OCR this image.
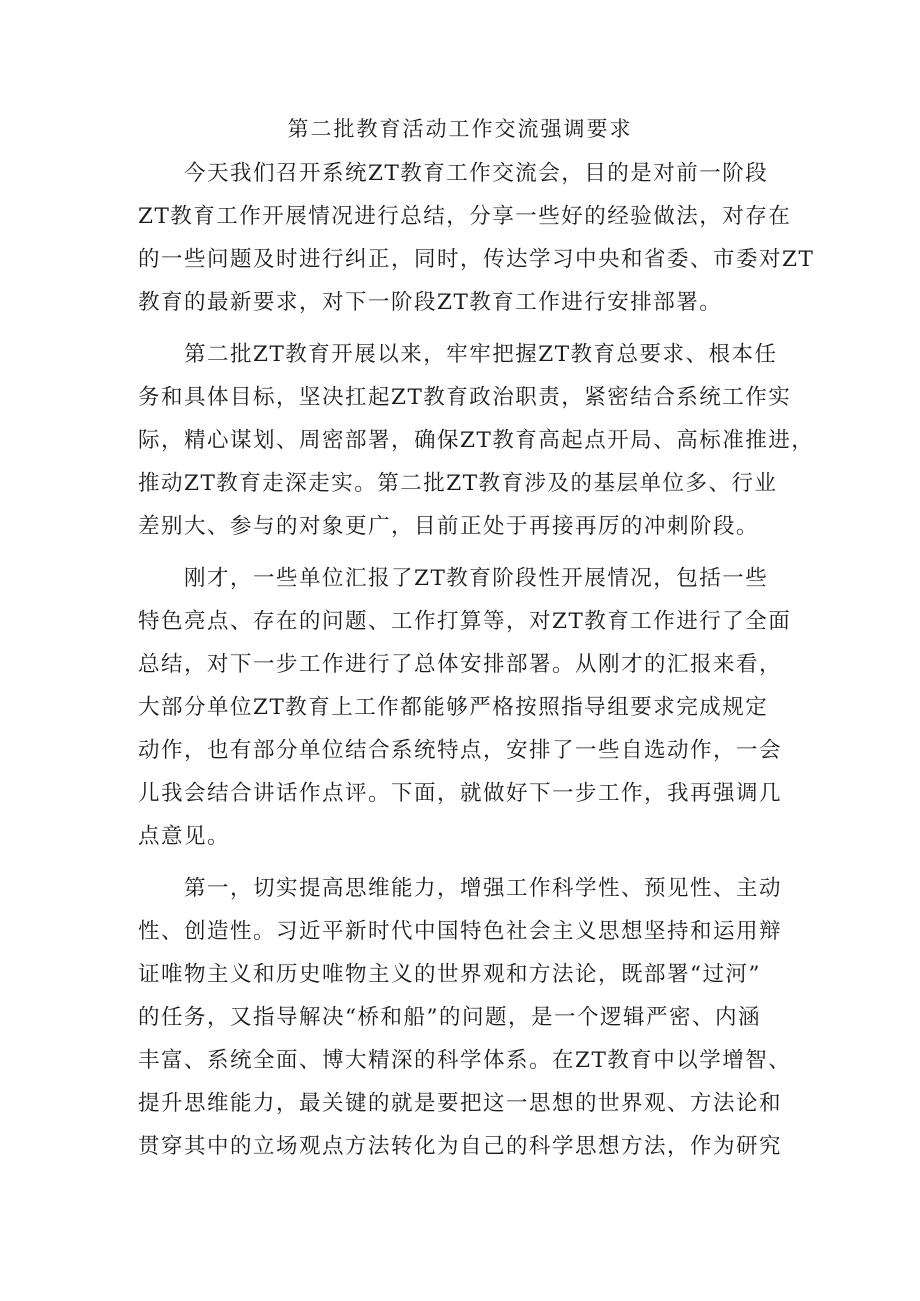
第二批教育活动工作交流强调要求
今天我们召开系统ZT教育工作交流会，目的是对前一阶段
ZT教育工作开展情况进行总结，分享一些好的经验做法，对存在
的一些问题及时进行纠正，同时，传达学习中央和省委、市委对ZT
教育的最新要求，对下一阶段ZT教育工作进行安排部署。
第二批ZT教育开展以来，牢牢把握ZT教育总要求、根本任
务和具体目标，坚决扛起ZT教育政治职责，紧密结合系统工作实
际，精心谋划、周密部署，确保ZT教育高起点开局、高标准推进，
推动ZT教育走深走实。第二批ZT教育涉及的基层单位多、行业
差别大、参与的对象更广，目前正处于再接再厉的冲刺阶段。
刚才，一些单位汇报了ZT教育阶段性开展情况，包括一些
特色亮点、存在的问题、工作打算等，对ZT教育工作进行了全面
总结，对下一步工作进行了总体安排部署。从刚才的汇报来看，
大部分单位ZT教育上工作都能够严格按照指导组要求完成规定
动作，也有部分单位结合系统特点，安排了一些自选动作，一会
儿我会结合讲话作点评。下面，就做好下一步工作，我再强调几
点意见。
第一，切实提高思维能力，增强工作科学性、预见性、主动
性、创造性。习近平新时代中国特色社会主义思想坚持和运用辩
证唯物主义和历史唯物主义的世界观和方法论，既部署“过河”
的任务，又指导解决“桥和船”的问题，是一个逻辑严密、内涵
丰富、系统全面、博大精深的科学体系。在ZT教育中以学增智、
提升思维能力，最关键的就是要把这一思想的世界观、方法论和
贯穿其中的立场观点方法转化为自己的科学思想方法，作为研究
